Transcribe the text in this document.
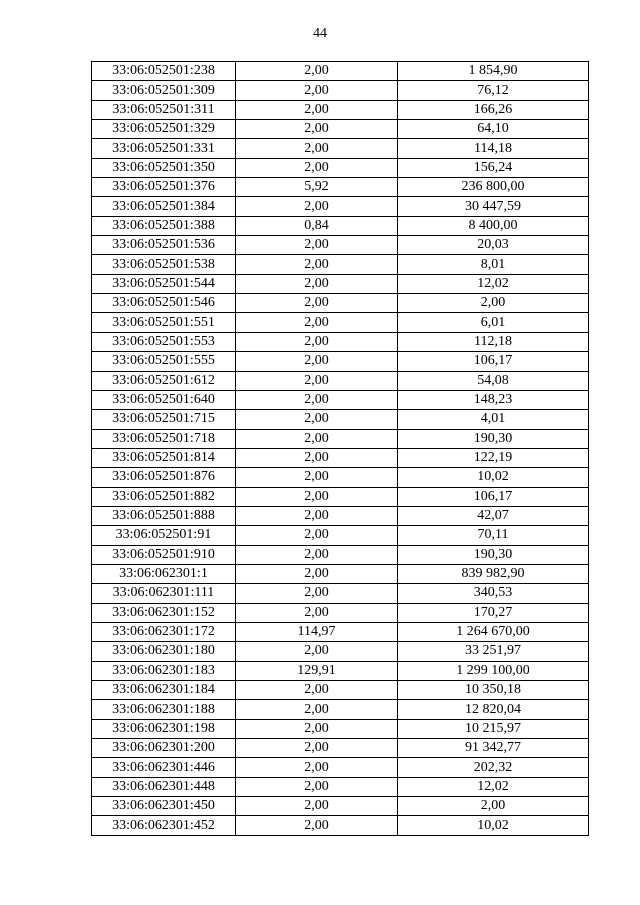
44
33:06:052501:238	2,00	1 854,90
33:06:052501:309	2,00	76,12
33:06:052501:311	2,00	166,26
33:06:052501:329	2,00	64,10
33:06:052501:331	2,00	114,18
33:06:052501:350	2,00	156,24
33:06:052501:376	5,92	236 800,00
33:06:052501:384	2,00	30 447,59
33:06:052501:388	0,84	8 400,00
33:06:052501:536	2,00	20,03
33:06:052501:538	2,00	8,01
33:06:052501:544	2,00	12,02
33:06:052501:546	2,00	2,00
33:06:052501:551	2,00	6,01
33:06:052501:553	2,00	112,18
33:06:052501:555	2,00	106,17
33:06:052501:612	2,00	54,08
33:06:052501:640	2,00	148,23
33:06:052501:715	2,00	4,01
33:06:052501:718	2,00	190,30
33:06:052501:814	2,00	122,19
33:06:052501:876	2,00	10,02
33:06:052501:882	2,00	106,17
33:06:052501:888	2,00	42,07
33:06:052501:91	2,00	70,11
33:06:052501:910	2,00	190,30
33:06:062301:1	2,00	839 982,90
33:06:062301:111	2,00	340,53
33:06:062301:152	2,00	170,27
33:06:062301:172	114,97	1 264 670,00
33:06:062301:180	2,00	33 251,97
33:06:062301:183	129,91	1 299 100,00
33:06:062301:184	2,00	10 350,18
33:06:062301:188	2,00	12 820,04
33:06:062301:198	2,00	10 215,97
33:06:062301:200	2,00	91 342,77
33:06:062301:446	2,00	202,32
33:06:062301:448	2,00	12,02
33:06:062301:450	2,00	2,00
33:06:062301:452	2,00	10,02
